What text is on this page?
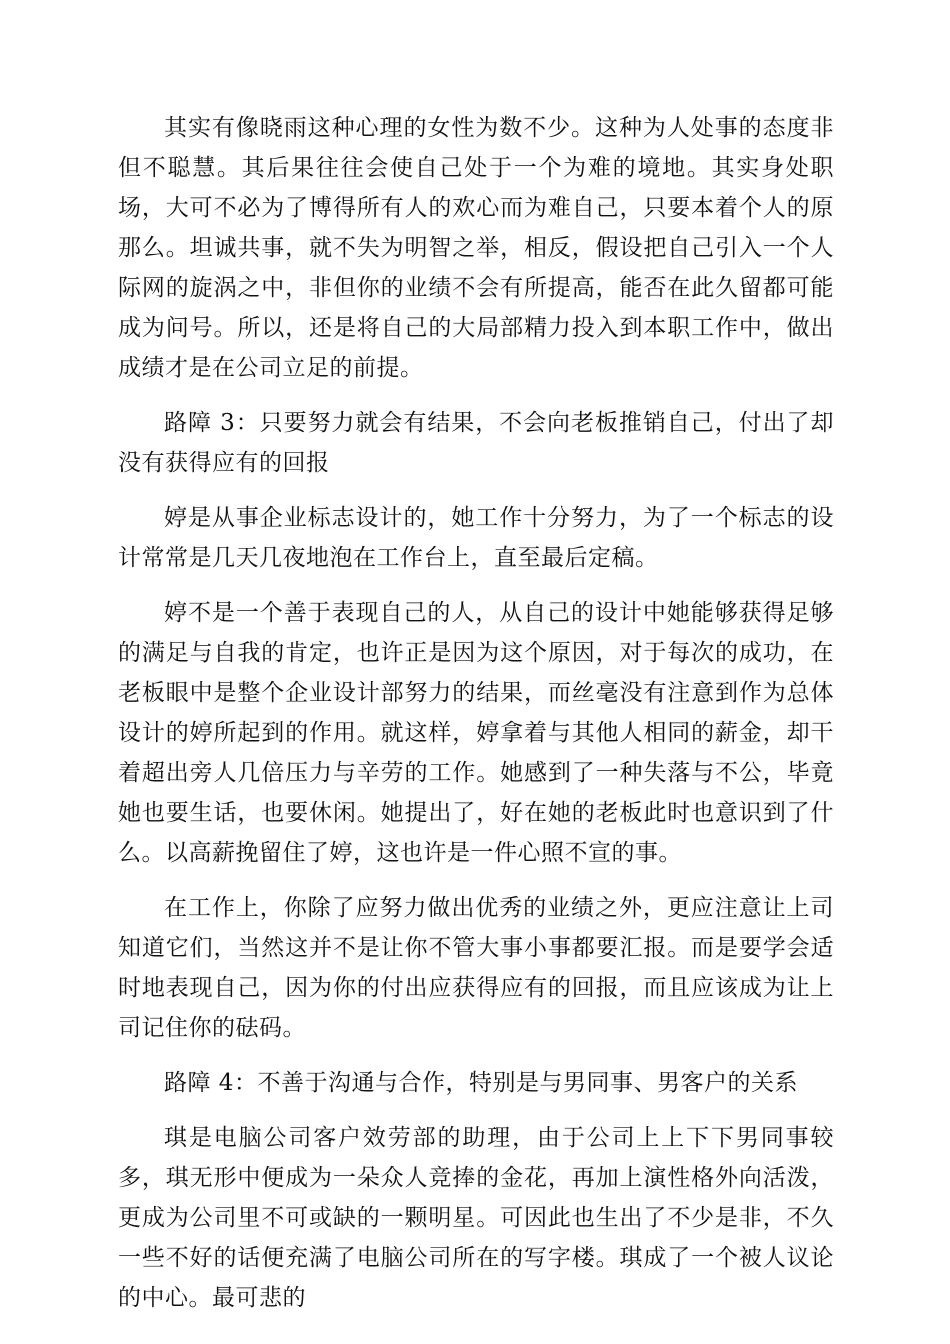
其实有像晓雨这种心理的女性为数不少。这种为人处事的态度非但不聪慧。其后果往往会使自己处于一个为难的境地。其实身处职场，大可不必为了博得所有人的欢心而为难自己，只要本着个人的原那么。坦诚共事，就不失为明智之举，相反，假设把自己引入一个人际网的旋涡之中，非但你的业绩不会有所提高，能否在此久留都可能成为问号。所以，还是将自己的大局部精力投入到本职工作中，做出成绩才是在公司立足的前提。

路障 3：只要努力就会有结果，不会向老板推销自己，付出了却没有获得应有的回报

婷是从事企业标志设计的，她工作十分努力，为了一个标志的设计常常是几天几夜地泡在工作台上，直至最后定稿。

婷不是一个善于表现自己的人，从自己的设计中她能够获得足够的满足与自我的肯定，也许正是因为这个原因，对于每次的成功，在老板眼中是整个企业设计部努力的结果，而丝毫没有注意到作为总体设计的婷所起到的作用。就这样，婷拿着与其他人相同的薪金，却干着超出旁人几倍压力与辛劳的工作。她感到了一种失落与不公，毕竟她也要生话，也要休闲。她提出了，好在她的老板此时也意识到了什么。以高薪挽留住了婷，这也许是一件心照不宣的事。

在工作上，你除了应努力做出优秀的业绩之外，更应注意让上司知道它们，当然这并不是让你不管大事小事都要汇报。而是要学会适时地表现自己，因为你的付出应获得应有的回报，而且应该成为让上司记住你的砝码。

路障 4：不善于沟通与合作，特别是与男同事、男客户的关系

琪是电脑公司客户效劳部的助理，由于公司上上下下男同事较多，琪无形中便成为一朵众人竞捧的金花，再加上演性格外向活泼，更成为公司里不可或缺的一颗明星。可因此也生出了不少是非，不久一些不好的话便充满了电脑公司所在的写字楼。琪成了一个被人议论的中心。最可悲的
